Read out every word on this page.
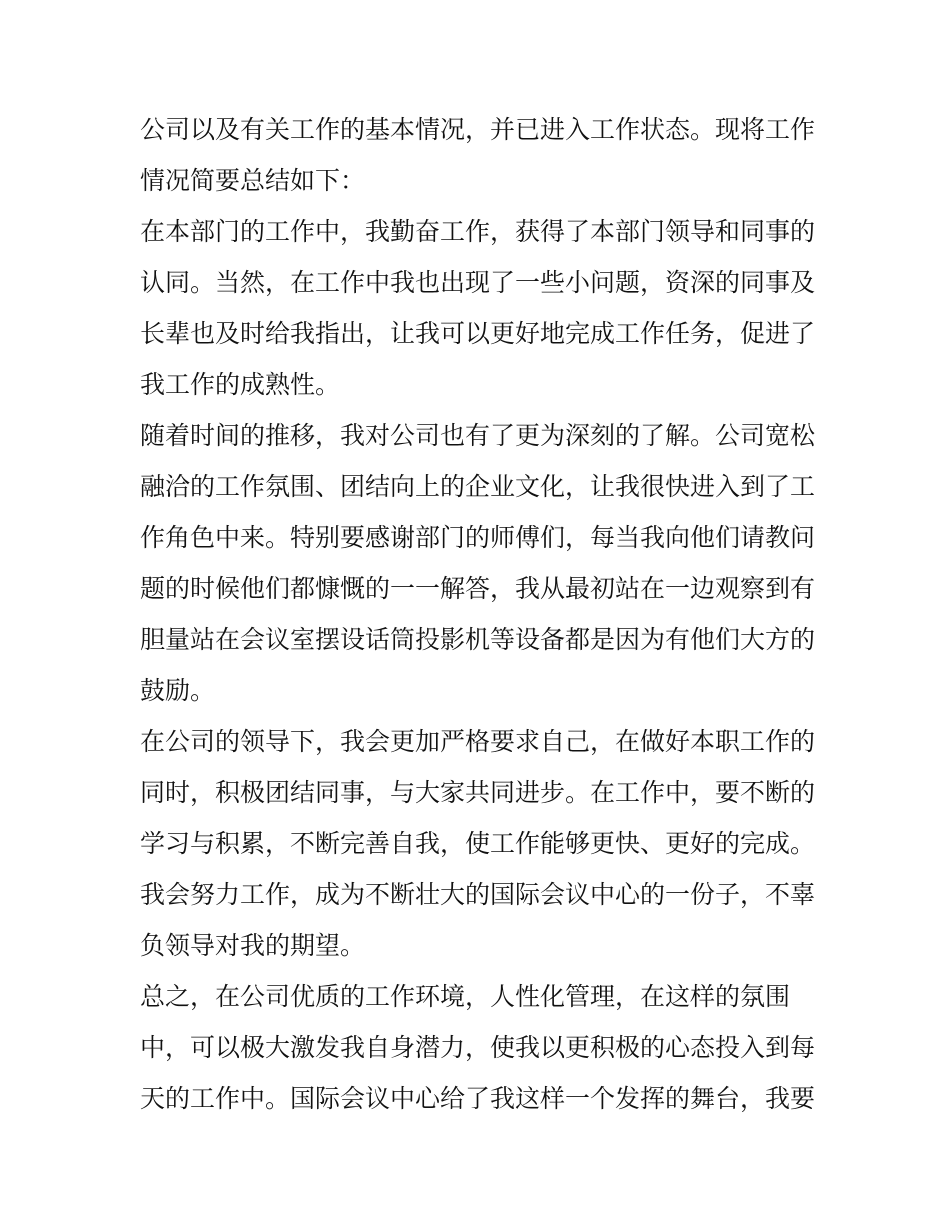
公司以及有关工作的基本情况，并已进入工作状态。现将工作
情况简要总结如下：
在本部门的工作中，我勤奋工作，获得了本部门领导和同事的
认同。当然，在工作中我也出现了一些小问题，资深的同事及
长辈也及时给我指出，让我可以更好地完成工作任务，促进了
我工作的成熟性。
随着时间的推移，我对公司也有了更为深刻的了解。公司宽松
融洽的工作氛围、团结向上的企业文化，让我很快进入到了工
作角色中来。特别要感谢部门的师傅们，每当我向他们请教问
题的时候他们都慷慨的一一解答，我从最初站在一边观察到有
胆量站在会议室摆设话筒投影机等设备都是因为有他们大方的
鼓励。
在公司的领导下，我会更加严格要求自己，在做好本职工作的
同时，积极团结同事，与大家共同进步。在工作中，要不断的
学习与积累，不断完善自我，使工作能够更快、更好的完成。
我会努力工作，成为不断壮大的国际会议中心的一份子，不辜
负领导对我的期望。
总之，在公司优质的工作环境，人性化管理，在这样的氛围
中，可以极大激发我自身潜力，使我以更积极的心态投入到每
天的工作中。国际会议中心给了我这样一个发挥的舞台，我要
